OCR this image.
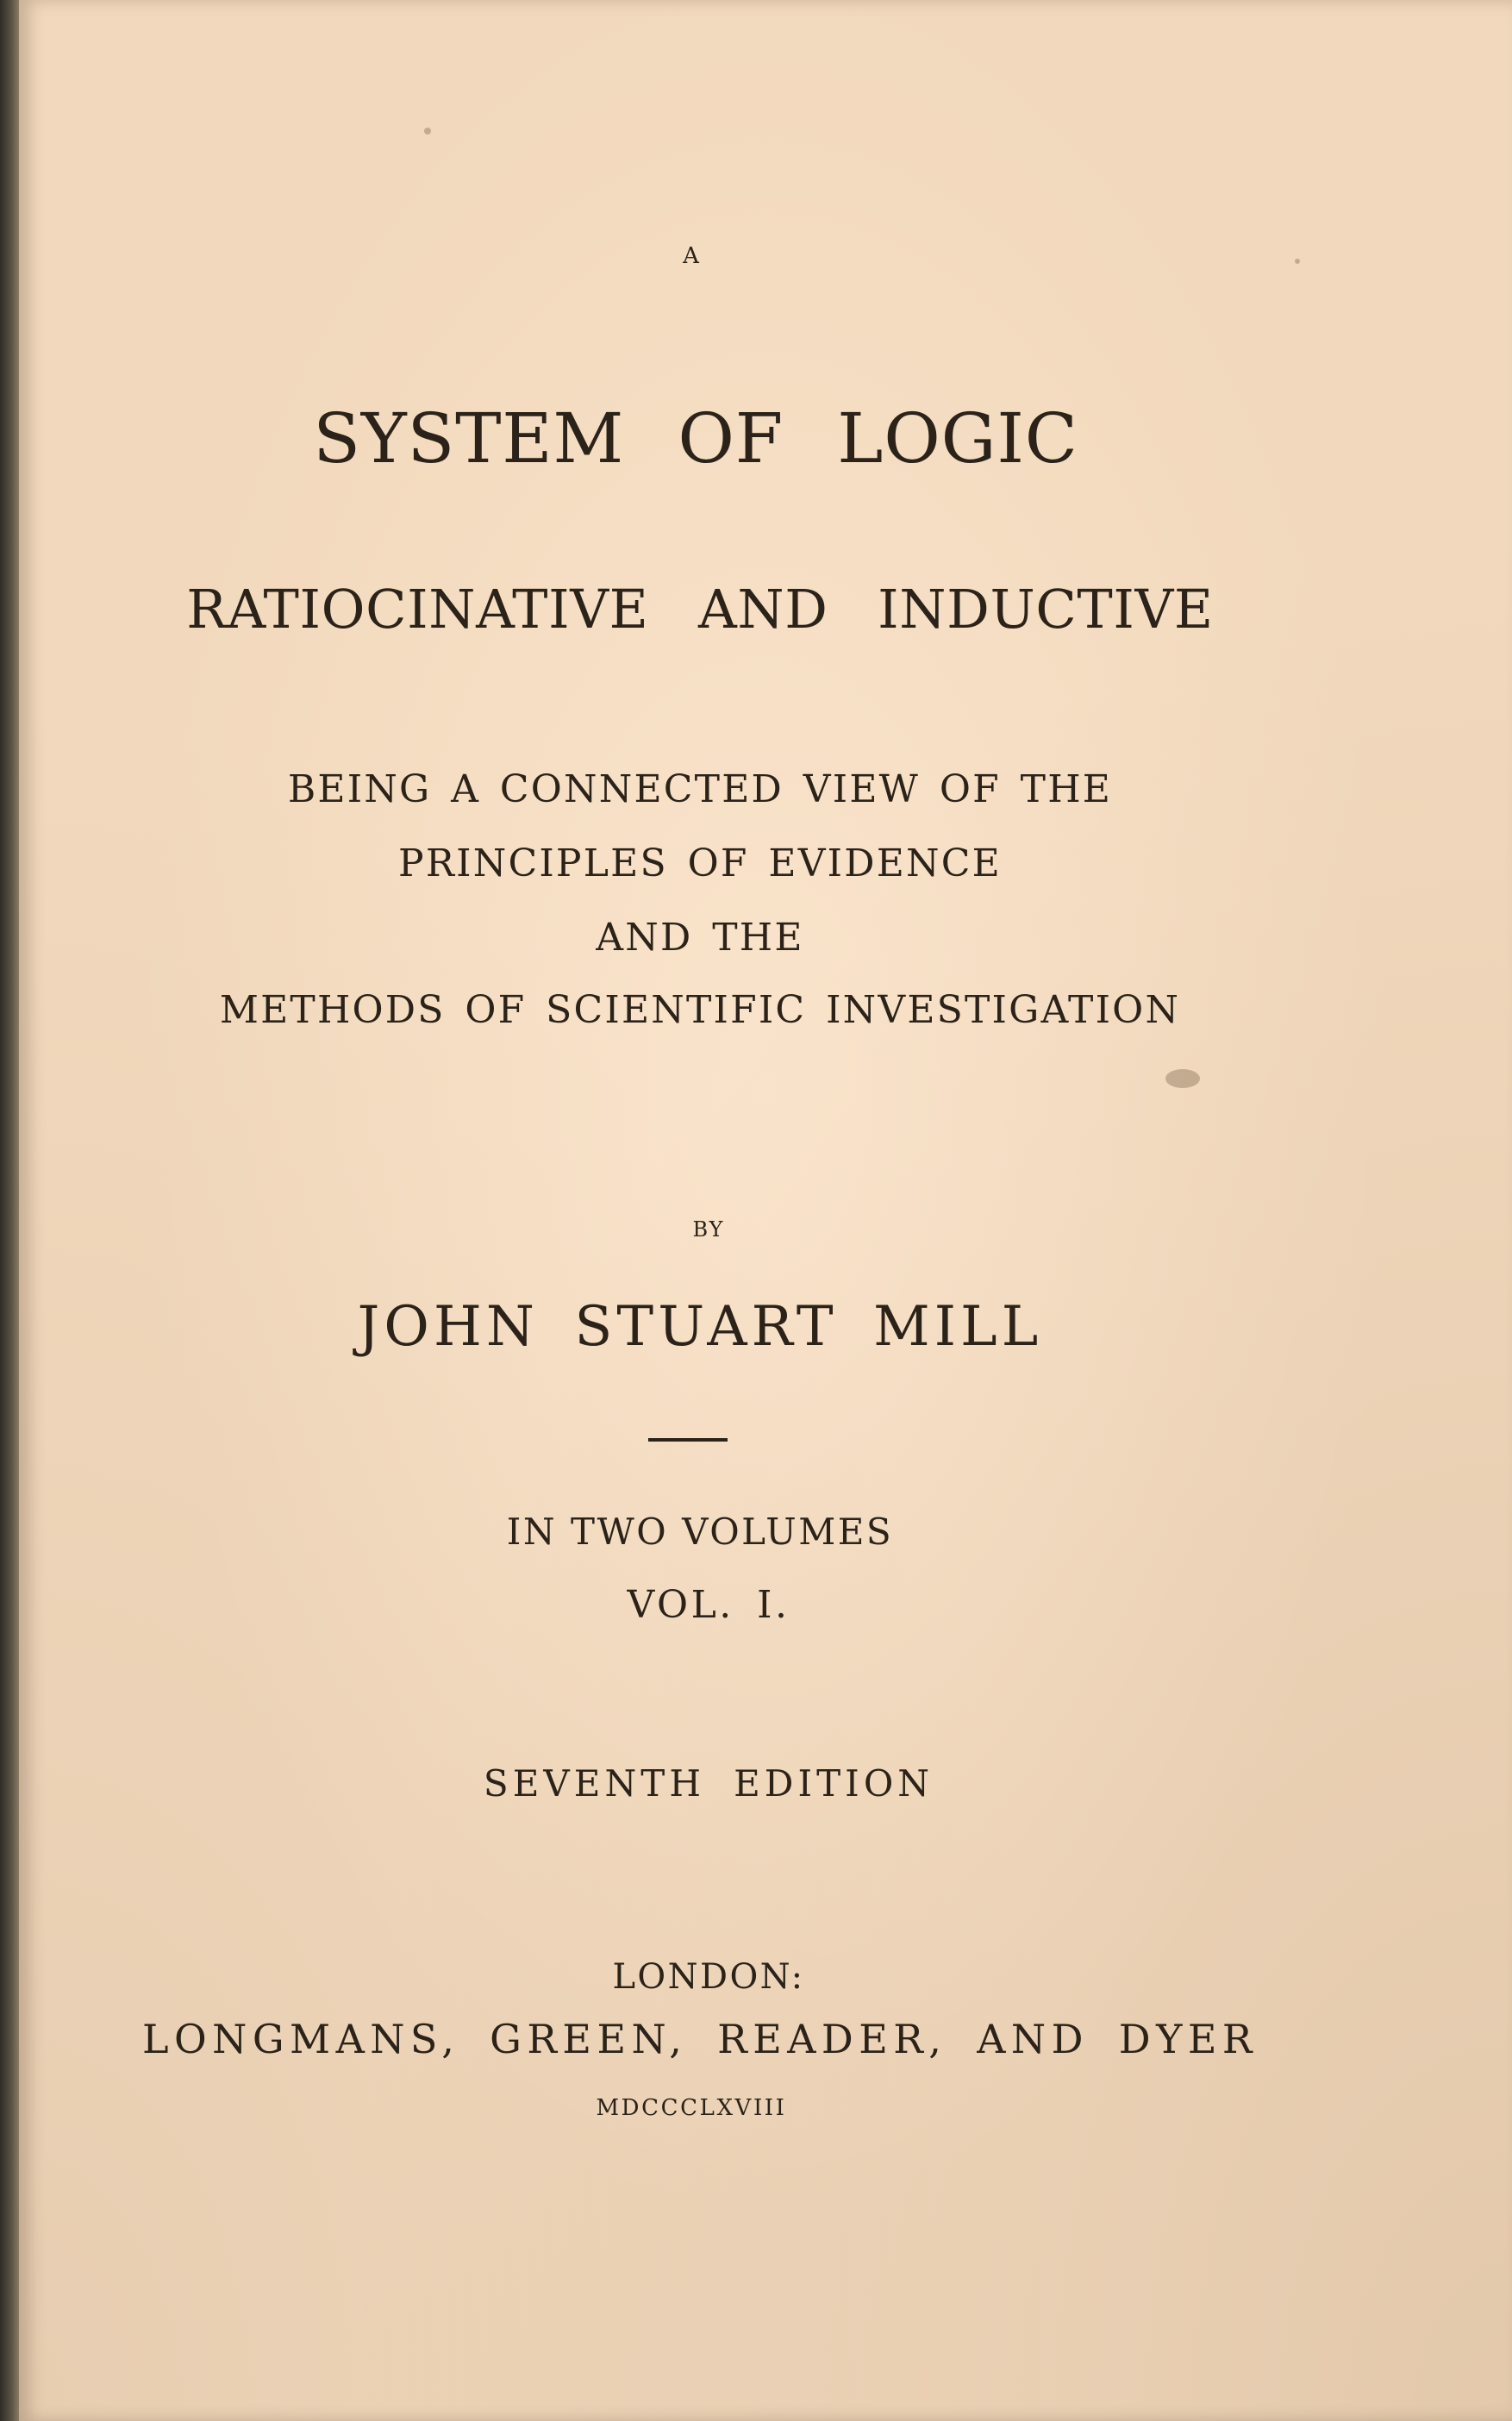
A
SYSTEM OF LOGIC
RATIOCINATIVE AND INDUCTIVE
BEING A CONNECTED VIEW OF THE
PRINCIPLES OF EVIDENCE
AND THE
METHODS OF SCIENTIFIC INVESTIGATION
BY
JOHN STUART MILL
IN TWO VOLUMES
VOL. I.
SEVENTH EDITION
LONDON:
LONGMANS, GREEN, READER, AND DYER
MDCCCLXVIII
